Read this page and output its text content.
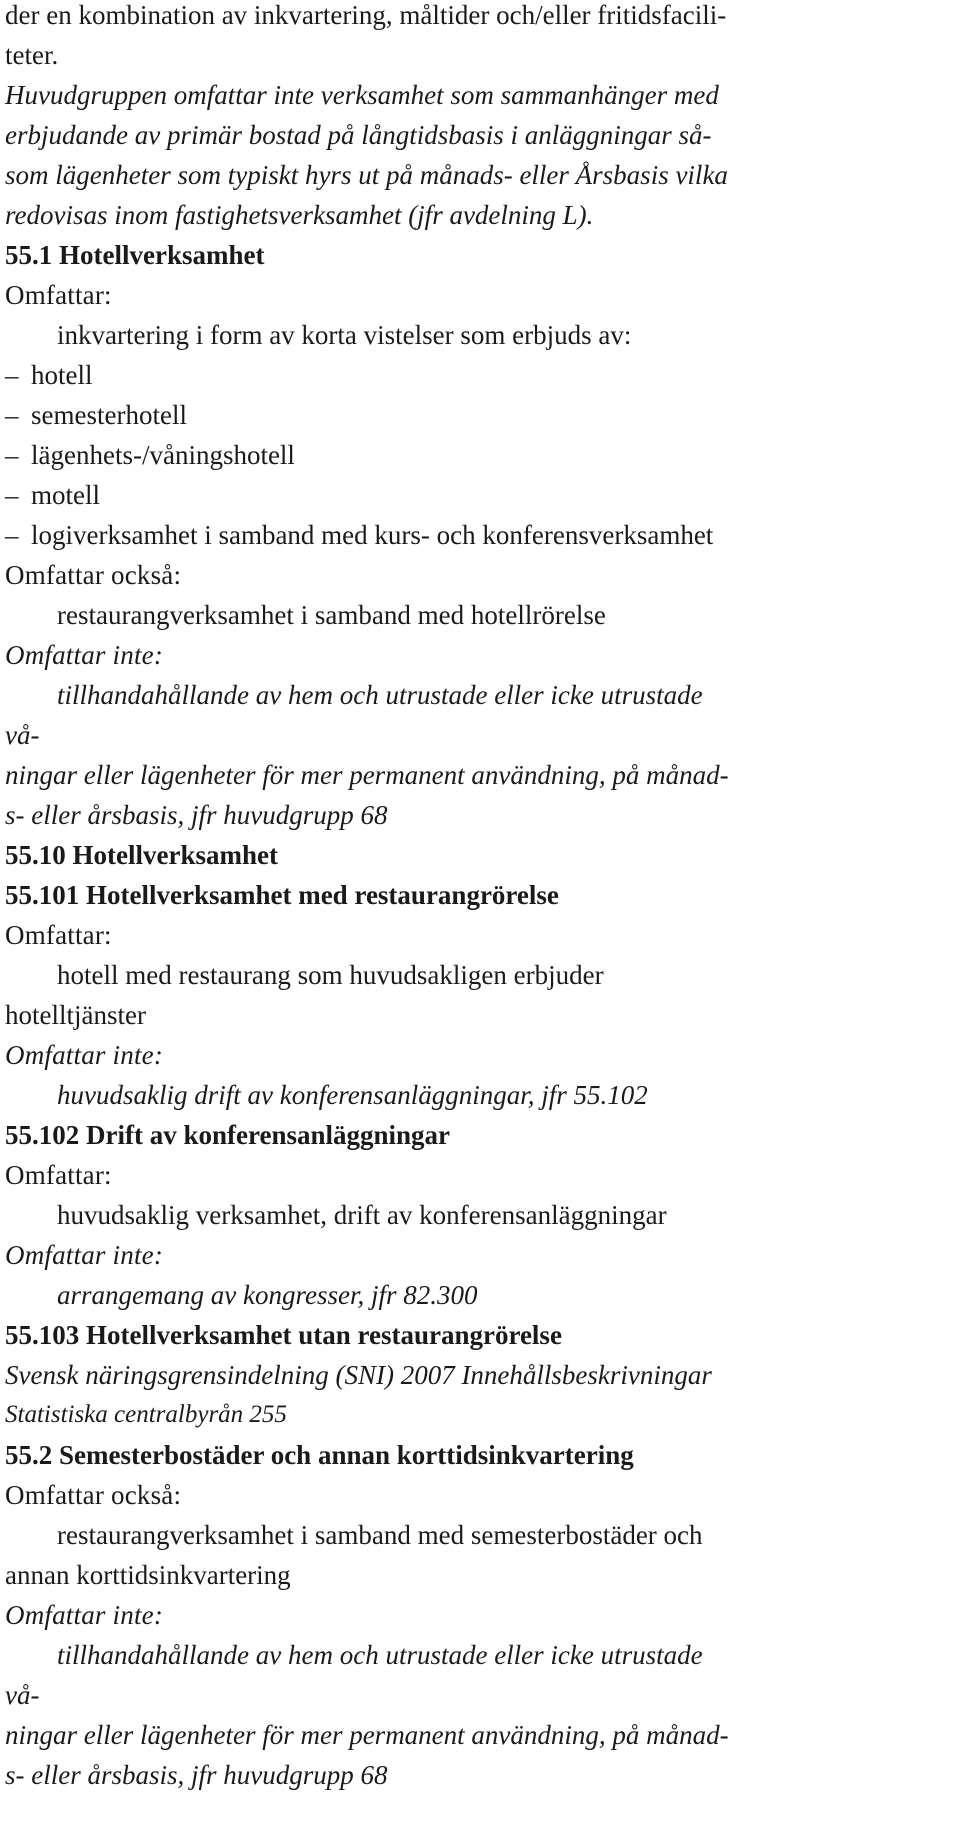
der en kombination av inkvartering, måltider och/eller fritidsfacili-
teter.
Huvudgruppen omfattar inte verksamhet som sammanhänger med
erbjudande av primär bostad på långtidsbasis i anläggningar så-
som lägenheter som typiskt hyrs ut på månads- eller Årsbasis vilka
redovisas inom fastighetsverksamhet (jfr avdelning L).
55.1 Hotellverksamhet
Omfattar:
inkvartering i form av korta vistelser som erbjuds av:
– hotell
– semesterhotell
– lägenhets-/våningshotell
– motell
– logiverksamhet i samband med kurs- och konferensverksamhet
Omfattar också:
restaurangverksamhet i samband med hotellrörelse
Omfattar inte:
tillhandahållande av hem och utrustade eller icke utrustade
vå-
ningar eller lägenheter för mer permanent användning, på månad-
s- eller årsbasis, jfr huvudgrupp 68
55.10 Hotellverksamhet
55.101 Hotellverksamhet med restaurangrörelse
Omfattar:
hotell med restaurang som huvudsakligen erbjuder
hotelltjänster
Omfattar inte:
huvudsaklig drift av konferensanläggningar, jfr 55.102
55.102 Drift av konferensanläggningar
Omfattar:
huvudsaklig verksamhet, drift av konferensanläggningar
Omfattar inte:
arrangemang av kongresser, jfr 82.300
55.103 Hotellverksamhet utan restaurangrörelse
Svensk näringsgrensindelning (SNI) 2007 Innehållsbeskrivningar
Statistiska centralbyrån 255
55.2 Semesterbostäder och annan korttidsinkvartering
Omfattar också:
restaurangverksamhet i samband med semesterbostäder och
annan korttidsinkvartering
Omfattar inte:
tillhandahållande av hem och utrustade eller icke utrustade
vå-
ningar eller lägenheter för mer permanent användning, på månad-
s- eller årsbasis, jfr huvudgrupp 68
